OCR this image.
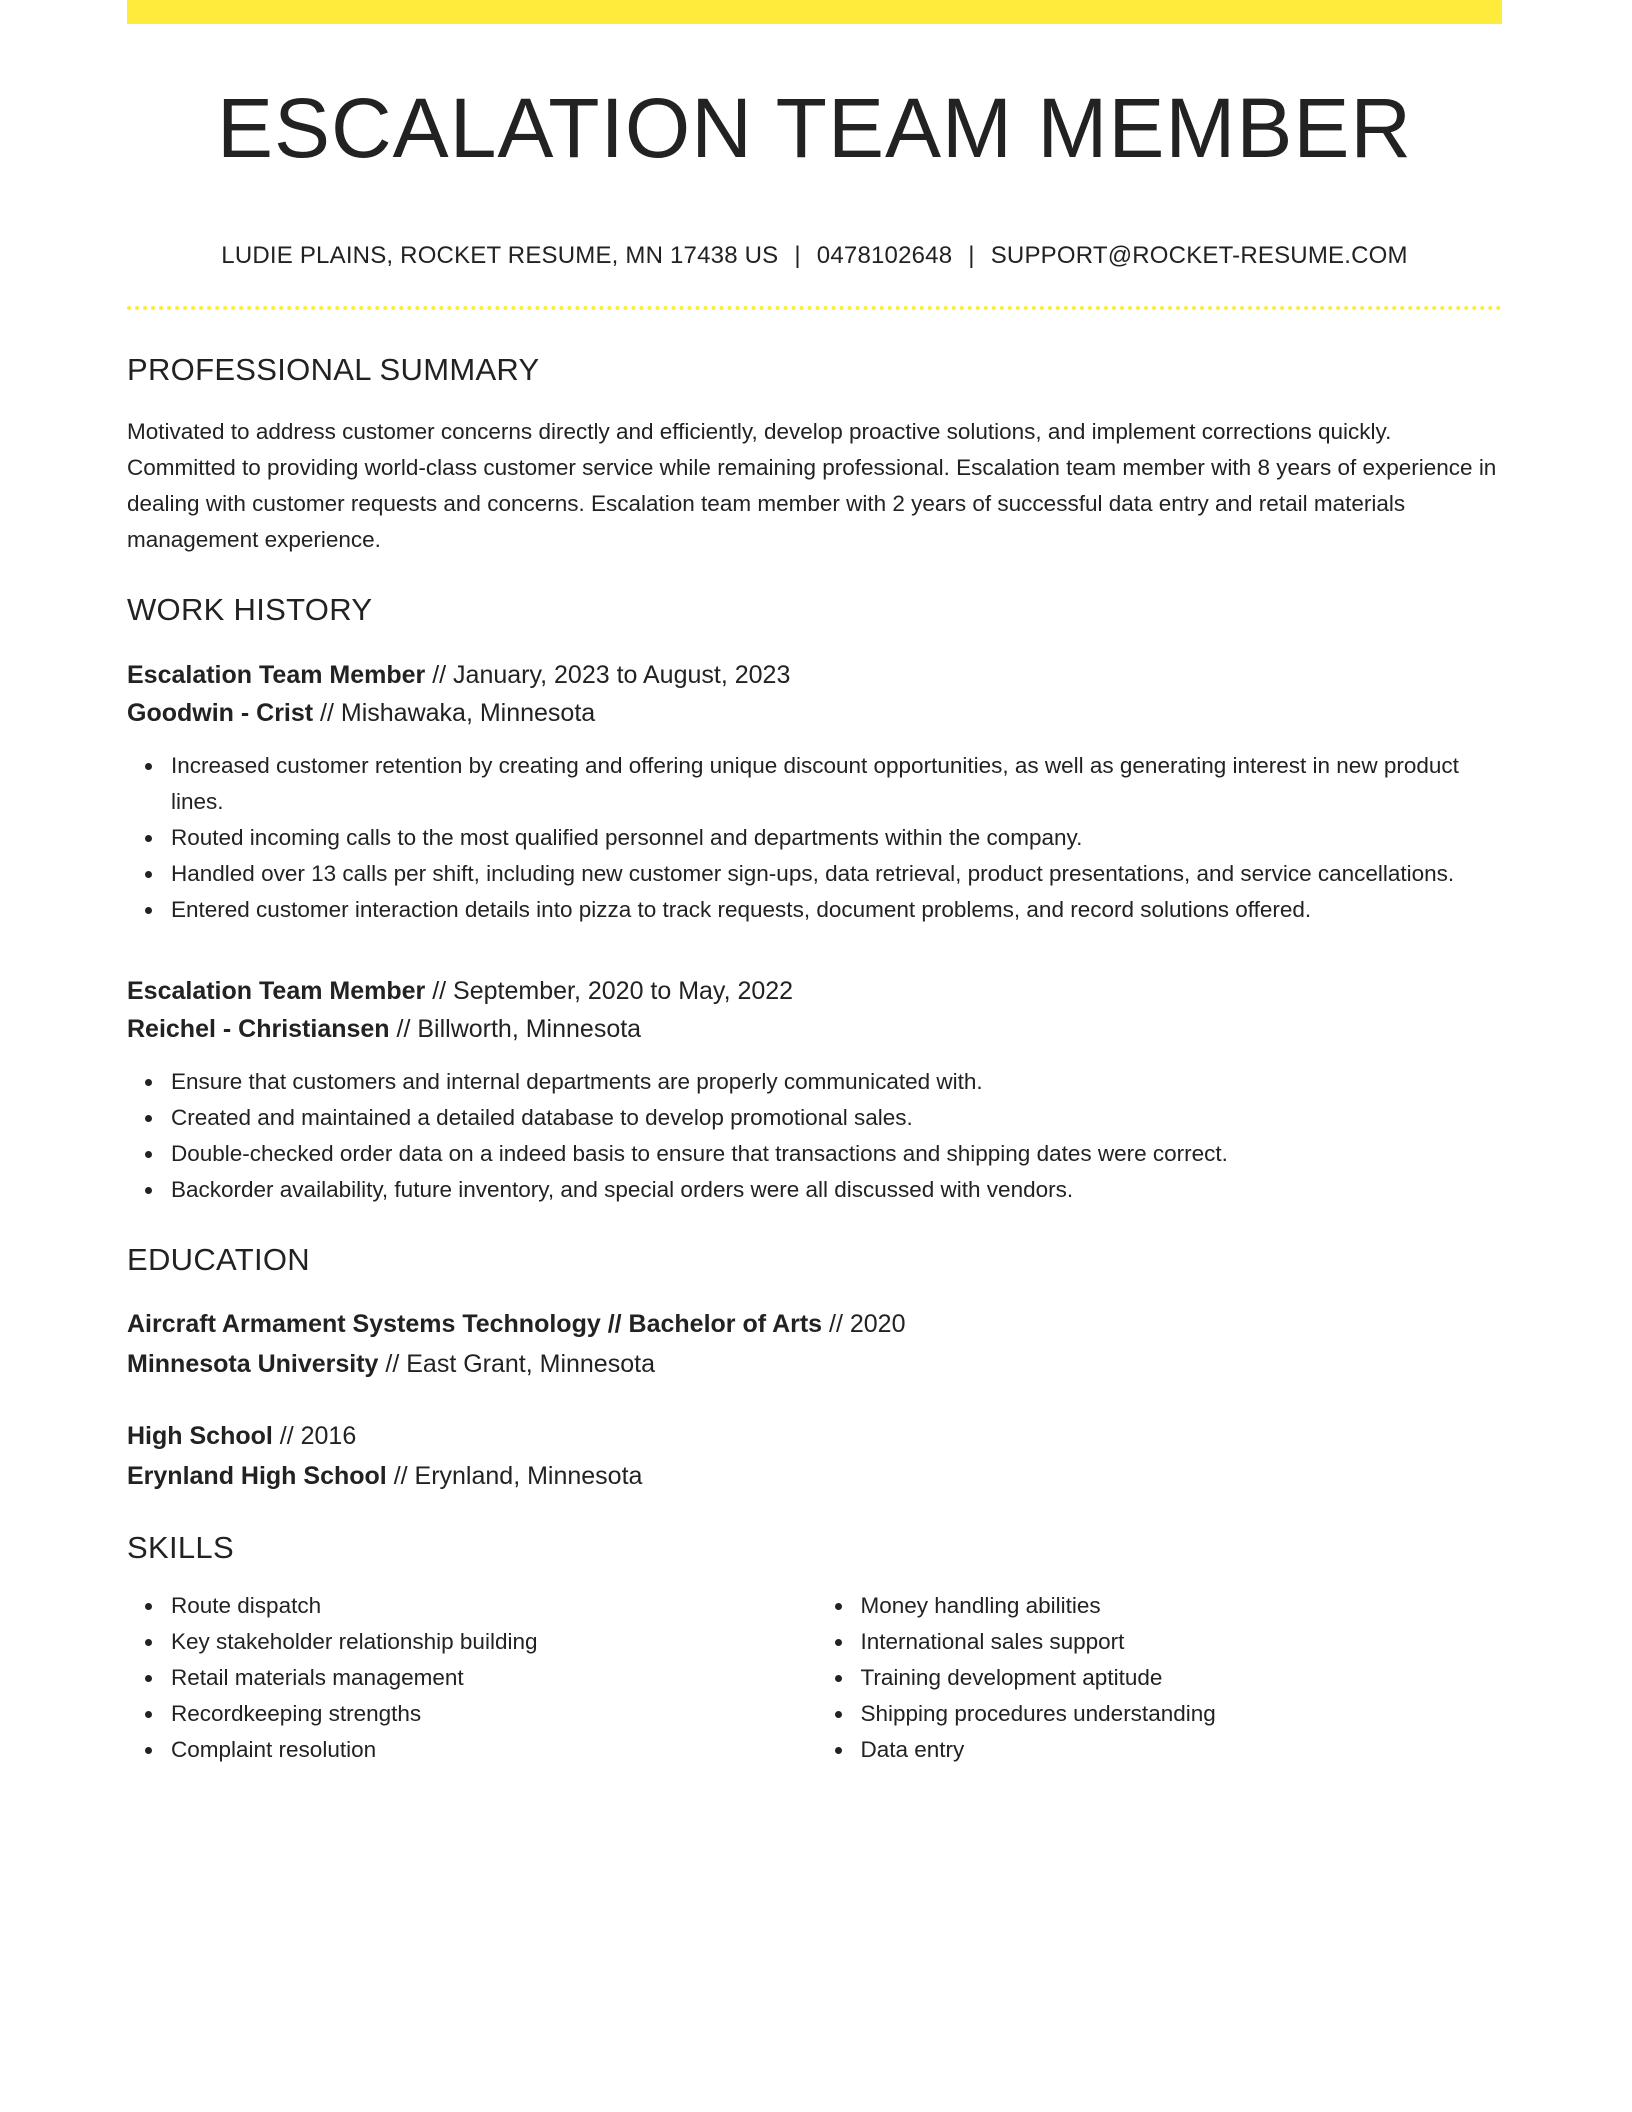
ESCALATION TEAM MEMBER
LUDIE PLAINS, ROCKET RESUME, MN 17438 US | 0478102648 | SUPPORT@ROCKET-RESUME.COM
PROFESSIONAL SUMMARY

Motivated to address customer concerns directly and efficiently, develop proactive solutions, and implement corrections quickly. Committed to providing world-class customer service while remaining professional. Escalation team member with 8 years of experience in dealing with customer requests and concerns. Escalation team member with 2 years of successful data entry and retail materials management experience.

WORK HISTORY
Escalation Team Member // January, 2023 to August, 2023
Goodwin - Crist // Mishawaka, Minnesota
Increased customer retention by creating and offering unique discount opportunities, as well as generating interest in new product lines.
Routed incoming calls to the most qualified personnel and departments within the company.
Handled over 13 calls per shift, including new customer sign-ups, data retrieval, product presentations, and service cancellations.
Entered customer interaction details into pizza to track requests, document problems, and record solutions offered.
Escalation Team Member // September, 2020 to May, 2022
Reichel - Christiansen // Billworth, Minnesota
Ensure that customers and internal departments are properly communicated with.
Created and maintained a detailed database to develop promotional sales.
Double-checked order data on a indeed basis to ensure that transactions and shipping dates were correct.
Backorder availability, future inventory, and special orders were all discussed with vendors.
EDUCATION
Aircraft Armament Systems Technology // Bachelor of Arts // 2020
Minnesota University // East Grant, Minnesota
High School // 2016
Erynland High School // Erynland, Minnesota
SKILLS
Route dispatch
Key stakeholder relationship building
Retail materials management
Recordkeeping strengths
Complaint resolution
Money handling abilities
International sales support
Training development aptitude
Shipping procedures understanding
Data entry
